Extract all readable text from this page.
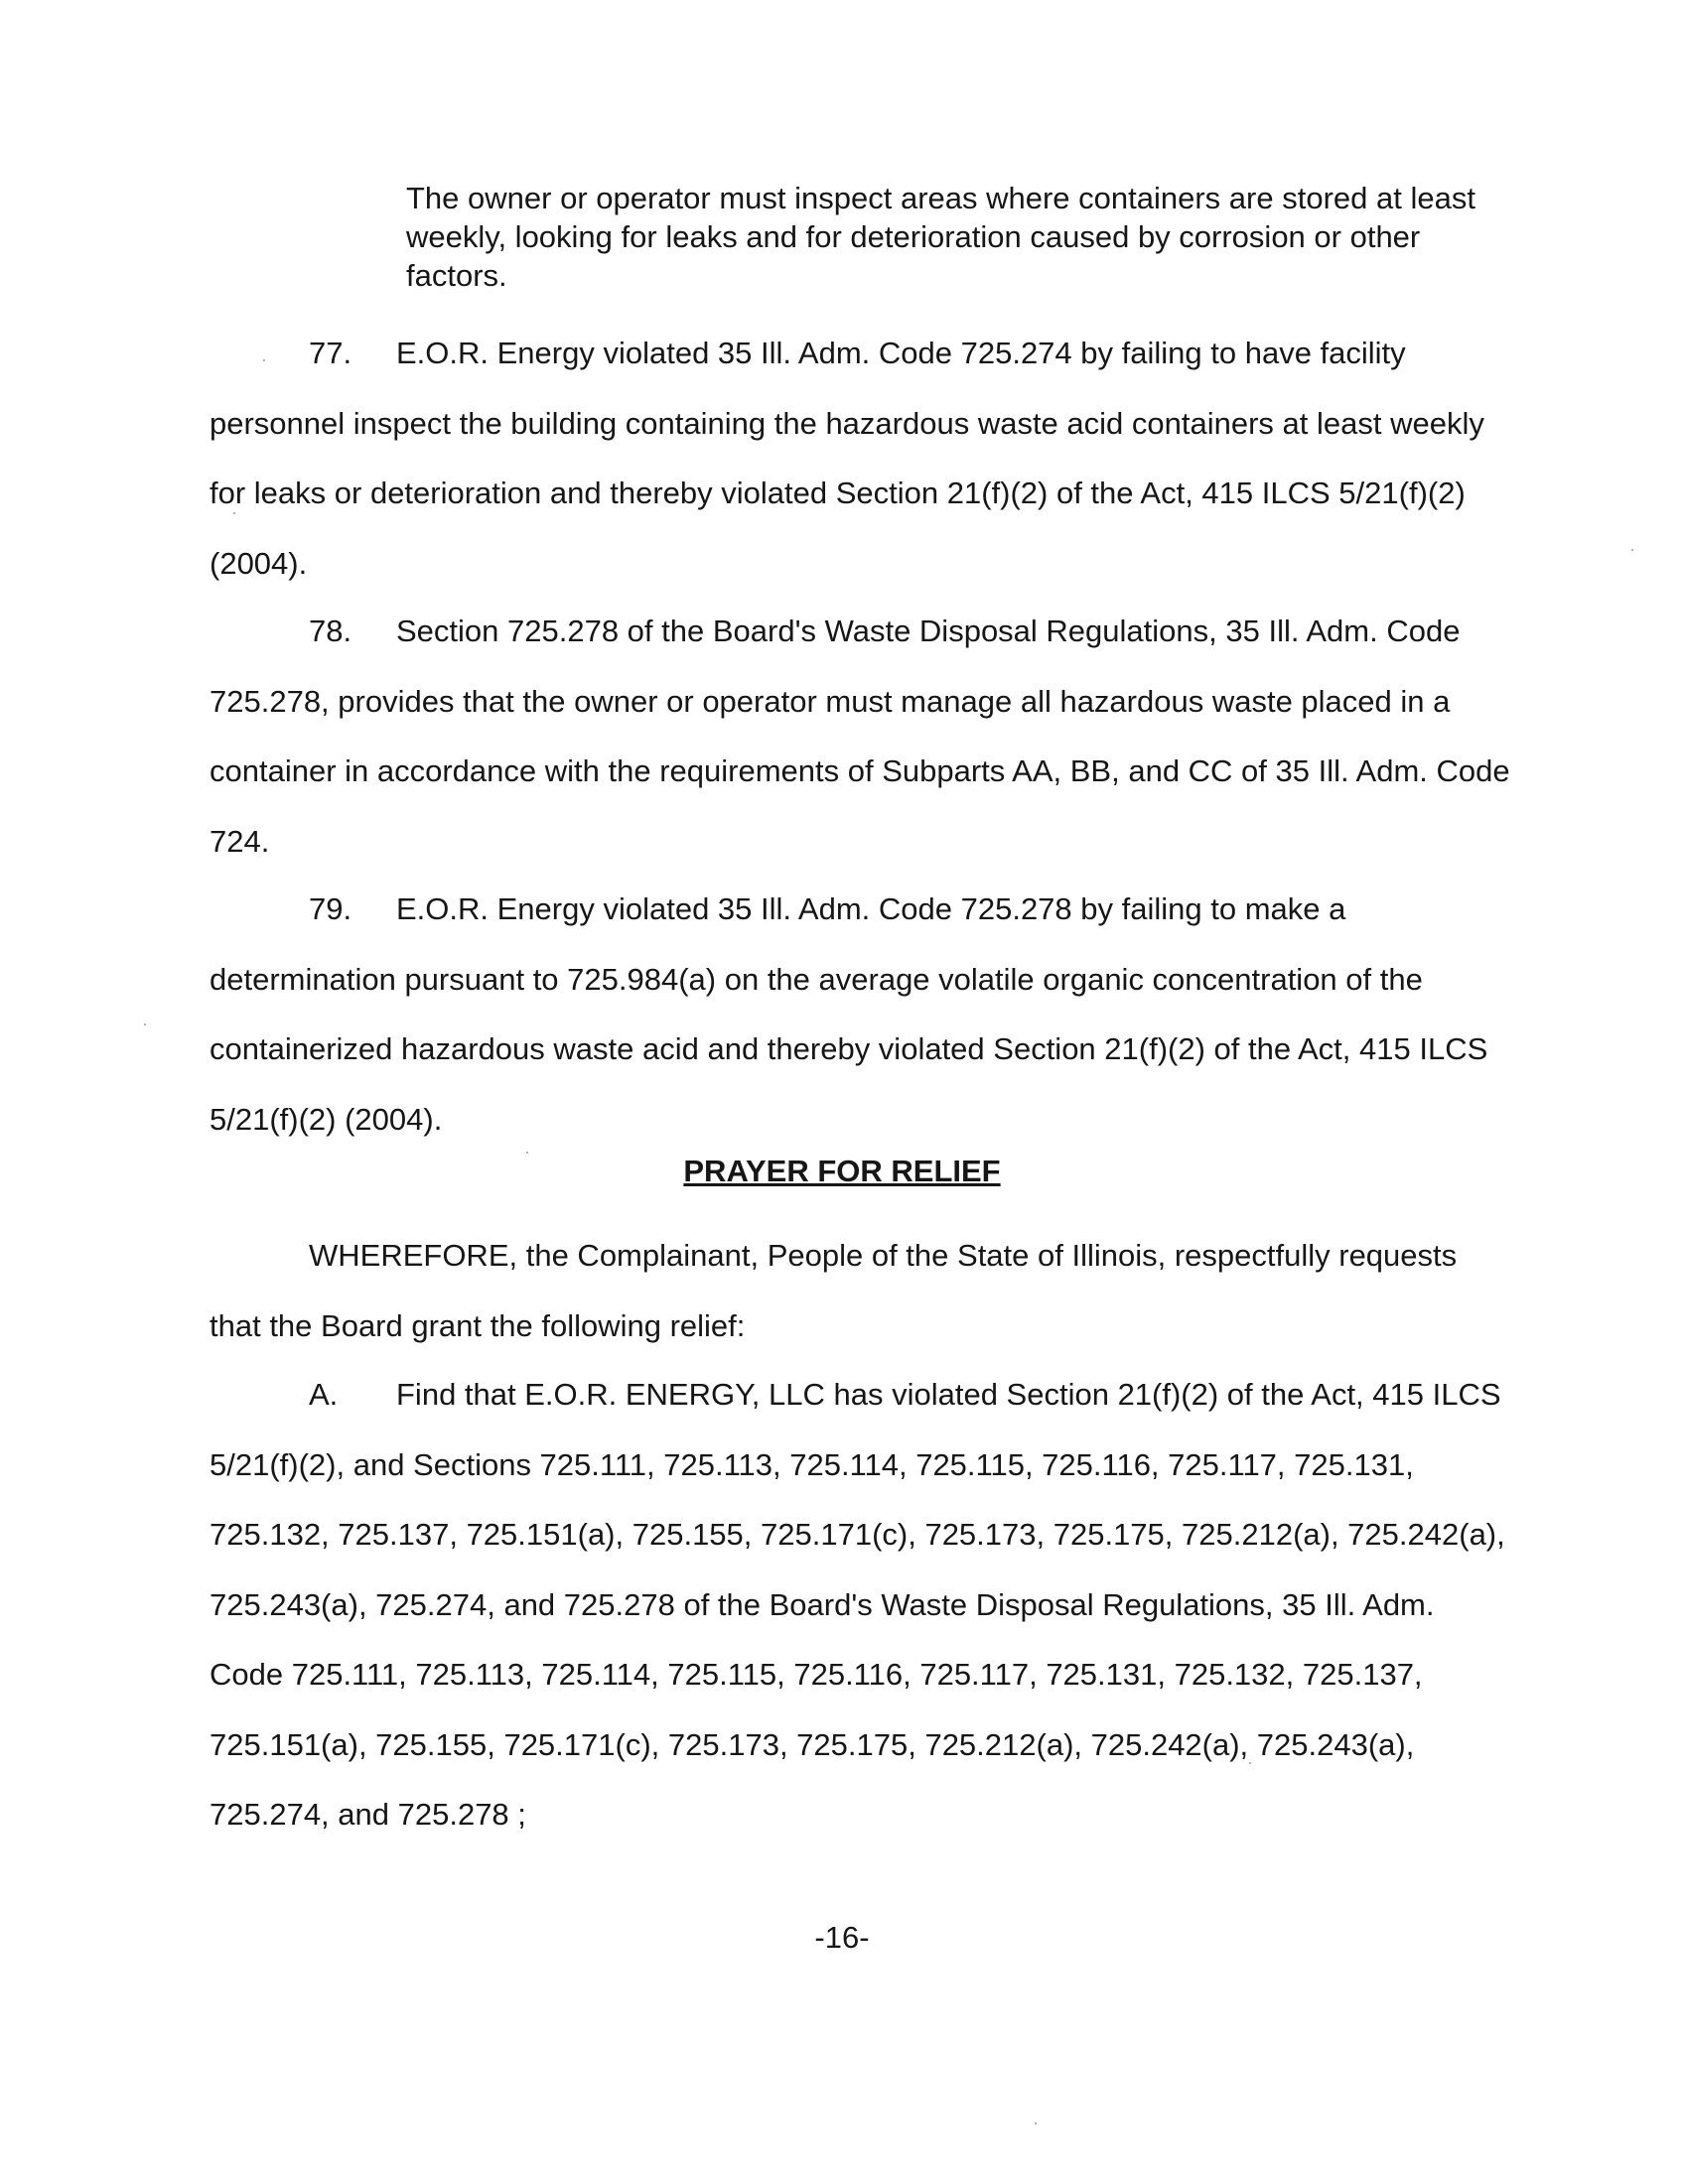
The owner or operator must inspect areas where containers are stored at least weekly, looking for leaks and for deterioration caused by corrosion or other factors.

77. E.O.R. Energy violated 35 Ill. Adm. Code 725.274 by failing to have facility personnel inspect the building containing the hazardous waste acid containers at least weekly for leaks or deterioration and thereby violated Section 21(f)(2) of the Act, 415 ILCS 5/21(f)(2) (2004).

78. Section 725.278 of the Board's Waste Disposal Regulations, 35 Ill. Adm. Code 725.278, provides that the owner or operator must manage all hazardous waste placed in a container in accordance with the requirements of Subparts AA, BB, and CC of 35 Ill. Adm. Code 724.

79. E.O.R. Energy violated 35 Ill. Adm. Code 725.278 by failing to make a determination pursuant to 725.984(a) on the average volatile organic concentration of the containerized hazardous waste acid and thereby violated Section 21(f)(2) of the Act, 415 ILCS 5/21(f)(2) (2004).

PRAYER FOR RELIEF

WHEREFORE, the Complainant, People of the State of Illinois, respectfully requests that the Board grant the following relief:

A. Find that E.O.R. ENERGY, LLC has violated Section 21(f)(2) of the Act, 415 ILCS 5/21(f)(2), and Sections 725.111, 725.113, 725.114, 725.115, 725.116, 725.117, 725.131, 725.132, 725.137, 725.151(a), 725.155, 725.171(c), 725.173, 725.175, 725.212(a), 725.242(a), 725.243(a), 725.274, and 725.278 of the Board's Waste Disposal Regulations, 35 Ill. Adm. Code 725.111, 725.113, 725.114, 725.115, 725.116, 725.117, 725.131, 725.132, 725.137, 725.151(a), 725.155, 725.171(c), 725.173, 725.175, 725.212(a), 725.242(a), 725.243(a), 725.274, and 725.278 ;

-16-
